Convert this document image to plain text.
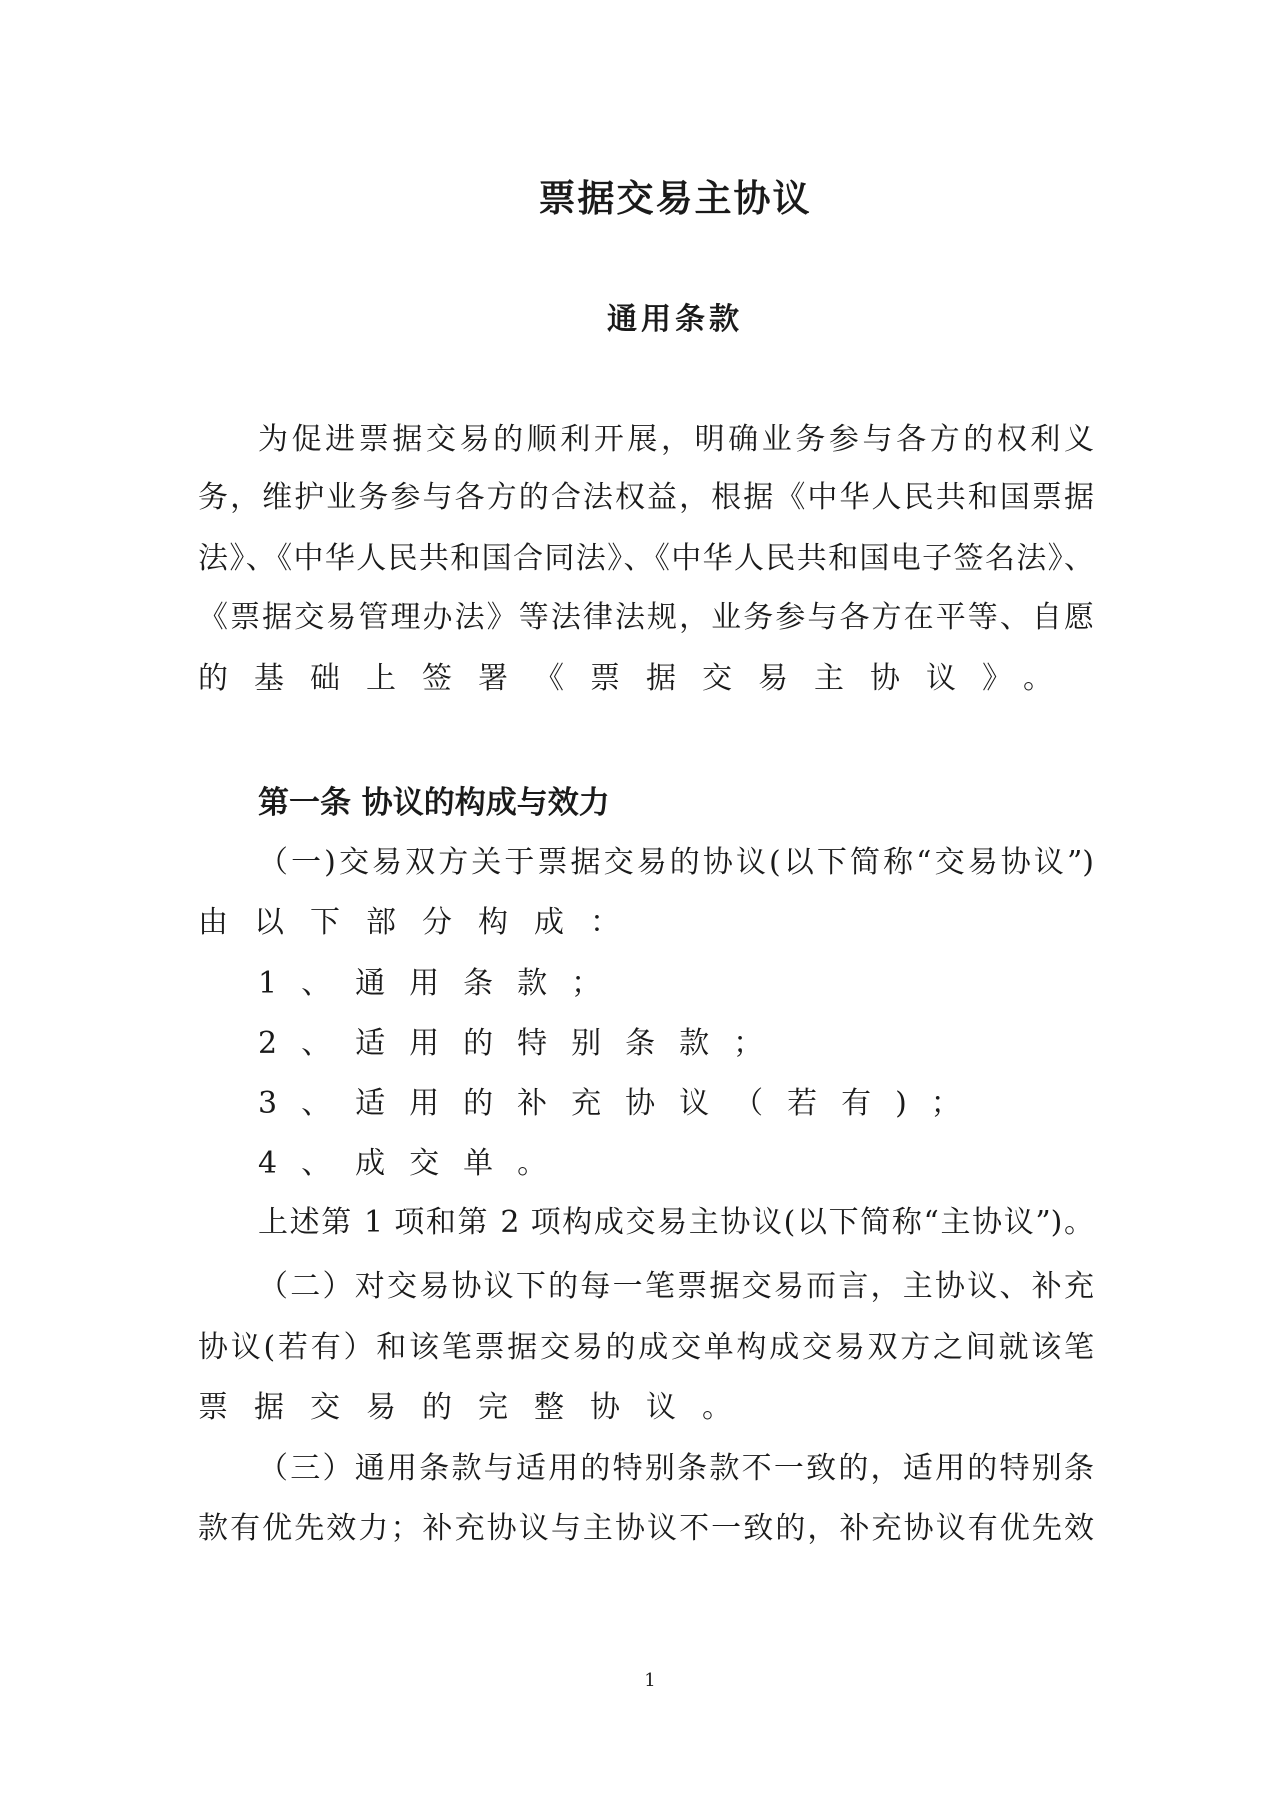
票据交易主协议
通用条款
为促进票据交易的顺利开展，明确业务参与各方的权利义
务，维护业务参与各方的合法权益，根据《中华人民共和国票据
法》、《中华人民共和国合同法》、《中华人民共和国电子签名法》、
《票据交易管理办法》等法律法规，业务参与各方在平等、自愿
的基础上签署《票据交易主协议》。
第一条 协议的构成与效力
（一)交易双方关于票据交易的协议(以下简称“交易协议”)
由以下部分构成：
1、通用条款；
2、适用的特别条款；
3、适用的补充协议（若有)；
4、成交单。
上述第 1 项和第 2 项构成交易主协议(以下简称“主协议”)。
（二）对交易协议下的每一笔票据交易而言，主协议、补充
协议(若有）和该笔票据交易的成交单构成交易双方之间就该笔
票据交易的完整协议。
（三）通用条款与适用的特别条款不一致的，适用的特别条
款有优先效力；补充协议与主协议不一致的，补充协议有优先效
1
